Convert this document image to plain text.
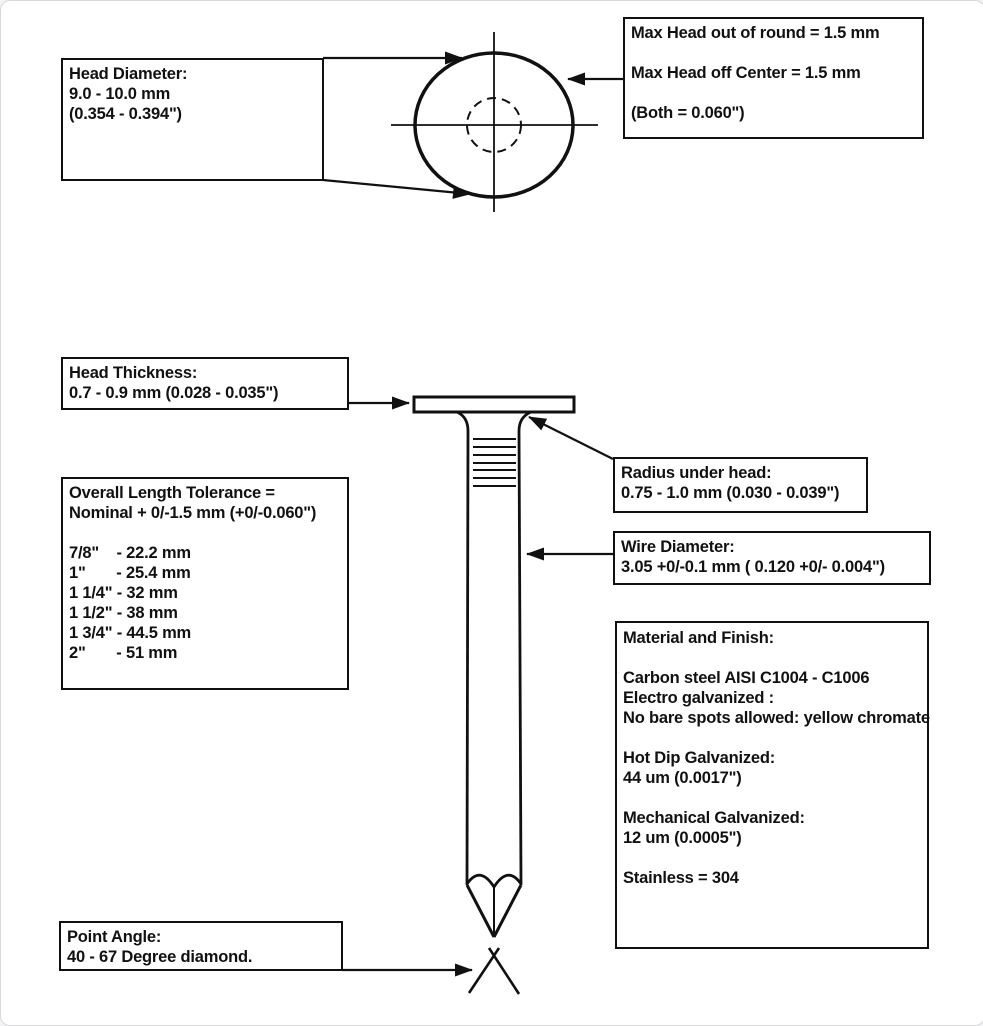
Head Diameter:
9.0 - 10.0 mm
(0.354 - 0.394")
Max Head out of round = 1.5 mm
Max Head off Center = 1.5 mm
(Both = 0.060")
Head Thickness:
0.7 - 0.9 mm (0.028 - 0.035")
Overall Length Tolerance =
Nominal + 0/-1.5 mm (+0/-0.060")
7/8"    - 22.2 mm
1"       - 25.4 mm
1 1/4" - 32 mm
1 1/2" - 38 mm
1 3/4" - 44.5 mm
2"       - 51 mm
Radius under head:
0.75 - 1.0 mm (0.030 - 0.039")
Wire Diameter:
3.05 +0/-0.1 mm ( 0.120 +0/- 0.004")
Material and Finish:
Carbon steel AISI C1004 - C1006
Electro galvanized :
No bare spots allowed: yellow chromate
Hot Dip Galvanized:
44 um (0.0017")
Mechanical Galvanized:
12 um (0.0005")
Stainless = 304
Point Angle:
40 - 67 Degree diamond.
